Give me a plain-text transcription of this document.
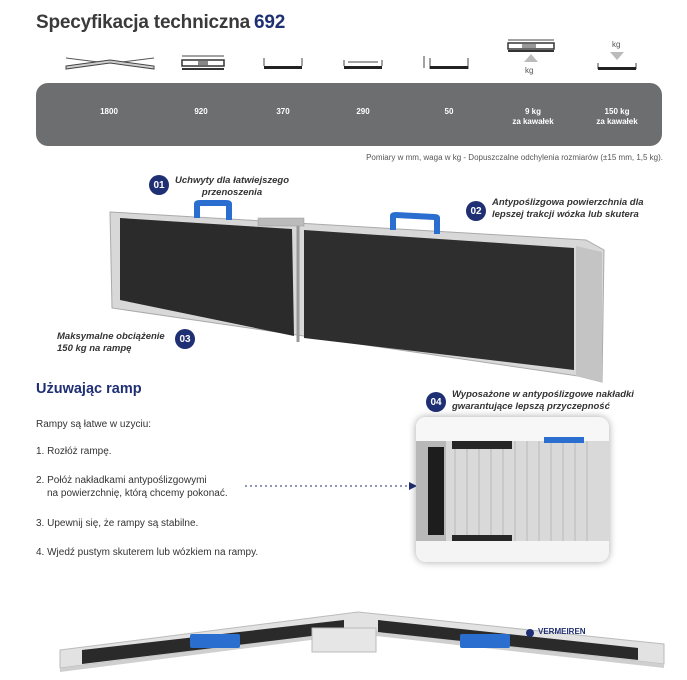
Specyfikacja techniczna 692
kg
kg
1800	920	370	290	50	9 kg
za kawałek
150 kg
za kawałek
Pomiary w mm, waga w kg - Dopuszczalne odchylenia rozmiarów (±15 mm, 1,5 kg).
01	Uchwyty dla łatwiejszego
przenoszenia
02
Antypoślizgowa powierzchnia dla
lepszej trakcji wózka lub skutera
Maksymalne obciążenie
150 kg na rampę
03
04
Wyposażone w antypoślizgowe nakładki
gwarantujące lepszą przyczepność
Użuwając ramp
Rampy są łatwe w uzyciu:
1. Rozłóż rampę.
2. Połóż nakładkami antypoślizgowymi
na powierzchnię, którą chcemy pokonać.
3. Upewnij się, że rampy są stabilne.
4. Wjedź pustym skuterem lub wózkiem na rampy.
VERMEIREN
